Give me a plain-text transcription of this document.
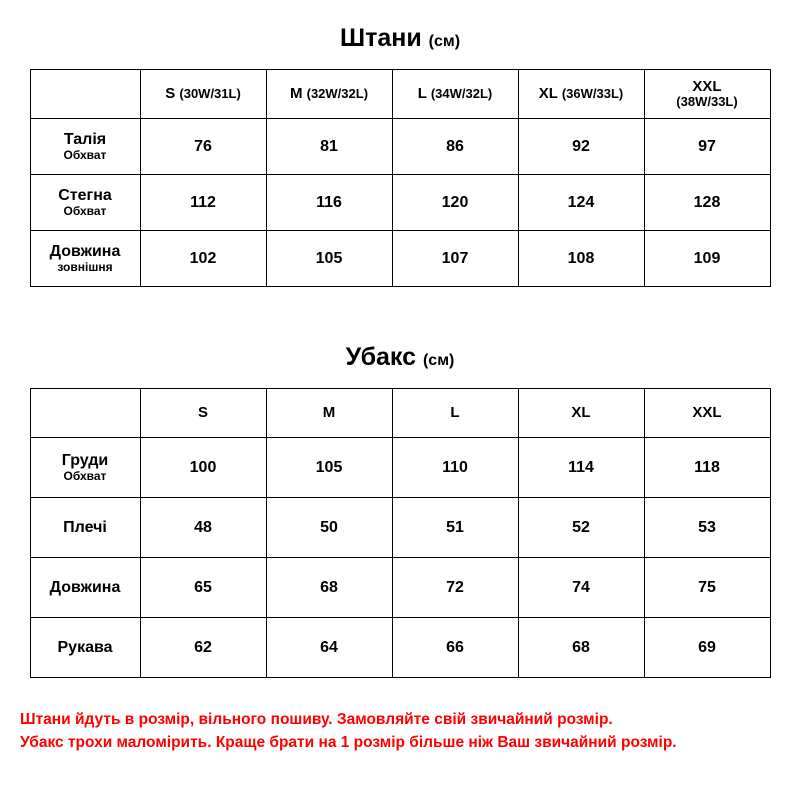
Штани (см)
	S (30W/31L)	M (32W/32L)	L (34W/32L)	XL (36W/33L)	XXL
(38W/33L)

Талія
Обхват	76	81	86	92	97

Стегна
Обхват	112	116	120	124	128

Довжина
зовнішня	102	105	107	108	109
Убакс (см)
	S	M	L	XL	XXL

Груди
Обхват	100	105	110	114	118

Плечі	48	50	51	52	53

Довжина	65	68	72	74	75

Рукава	62	64	66	68	69
Штани йдуть в розмір, вільного пошиву. Замовляйте свій звичайний розмір.
Убакс трохи маломірить. Краще брати на 1 розмір більше ніж Ваш звичайний розмір.
